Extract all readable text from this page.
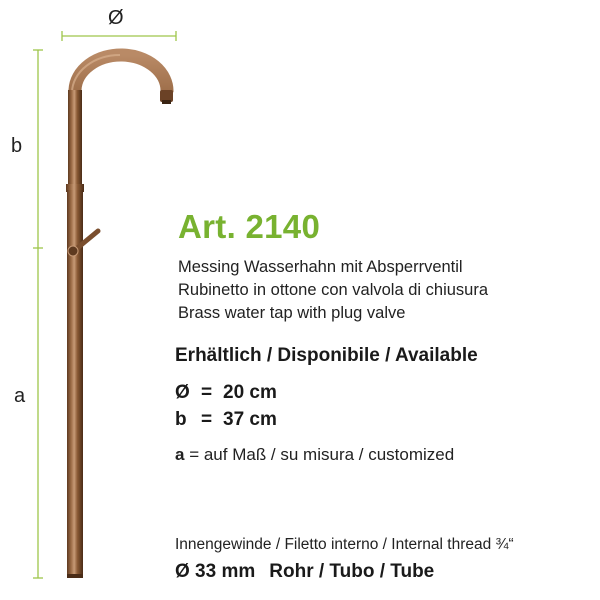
Ø
b
a
Art. 2140
Messing Wasserhahn mit Absperrventil
Rubinetto in ottone con valvola di chiusura
Brass water tap with plug valve
Erhältlich / Disponibile / Available
Ø = 20 cm
b = 37 cm
a = auf Maß / su misura / customized
Innengewinde / Filetto interno / Internal thread ¾“
Ø 33 mm Rohr / Tubo / Tube
